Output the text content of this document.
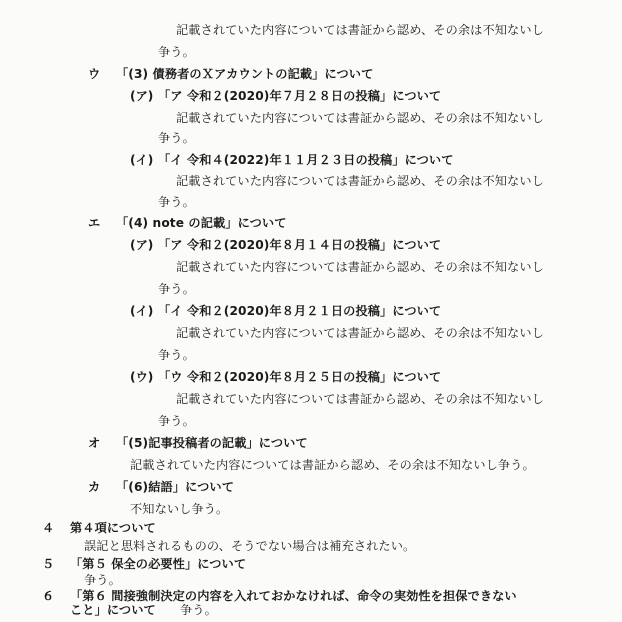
記載されていた内容については書証から認め、その余は不知ないし
争う。
ウ 「(3) 債務者のＸアカウントの記載」について
(ア) 「ア 令和２(2020)年７月２８日の投稿」について
記載されていた内容については書証から認め、その余は不知ないし
争う。
(イ) 「イ 令和４(2022)年１１月２３日の投稿」について
記載されていた内容については書証から認め、その余は不知ないし
争う。
エ 「(4) note の記載」について
(ア) 「ア 令和２(2020)年８月１４日の投稿」について
記載されていた内容については書証から認め、その余は不知ないし
争う。
(イ) 「イ 令和２(2020)年８月２１日の投稿」について
記載されていた内容については書証から認め、その余は不知ないし
争う。
(ウ) 「ウ 令和２(2020)年８月２５日の投稿」について
記載されていた内容については書証から認め、その余は不知ないし
争う。
オ 「(5)記事投稿者の記載」について
記載されていた内容については書証から認め、その余は不知ないし争う。
カ 「(6)結語」について
不知ないし争う。
４ 第４項について
誤記と思料されるものの、そうでない場合は補充されたい。
５ 「第５ 保全の必要性」について
争う。
６ 「第６ 間接強制決定の内容を入れておかなければ、命令の実効性を担保できない
こと」について 争う。
